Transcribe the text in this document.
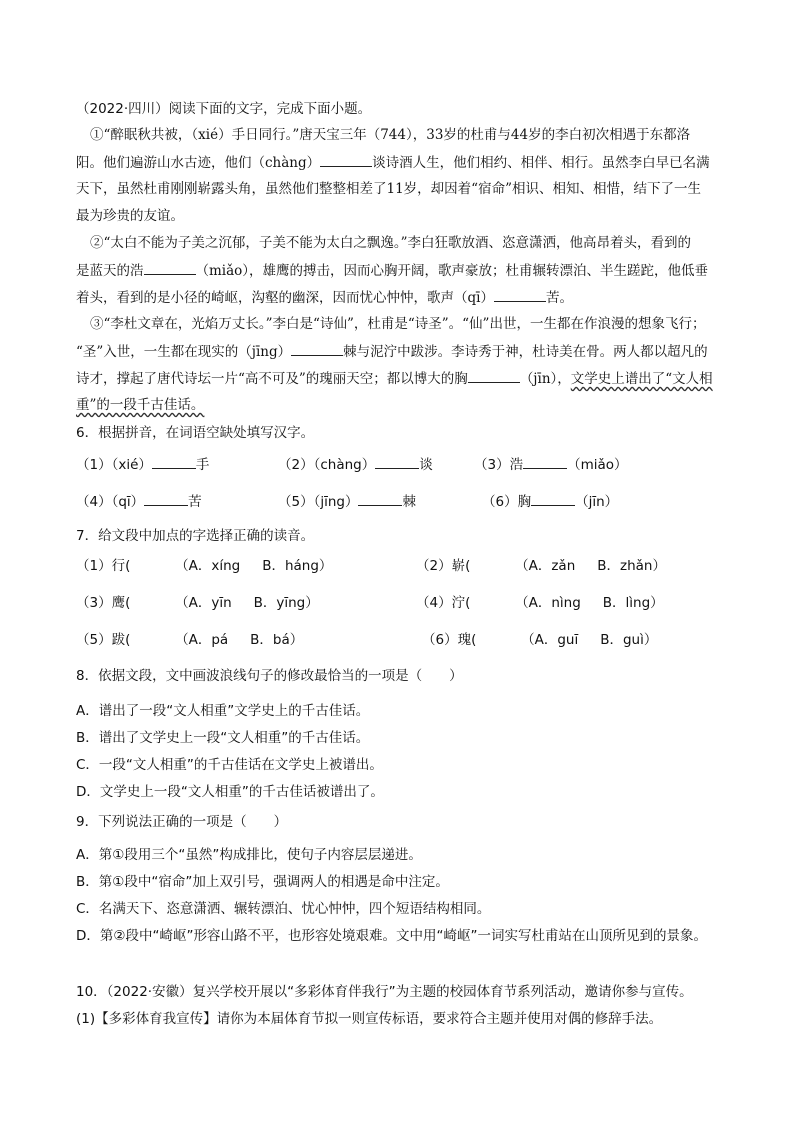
（2022·四川）阅读下面的文字，完成下面小题。
①“醉眠秋共被，（xié）手日同行。”唐天宝三年（744），33岁的杜甫与44岁的李白初次相遇于东都洛
阳。他们遍游山水古迹，他们（chàng）	谈诗酒人生，他们相约、相伴、相行。虽然李白早已名满
天下，虽然杜甫刚刚崭露头角，虽然他们整整相差了11岁，却因着“宿命”相识、相知、相惜，结下了一生
最为珍贵的友谊。
②“太白不能为子美之沉郁，子美不能为太白之飘逸。”李白狂歌放酒、恣意潇洒，他高昂着头，看到的
是蓝天的浩	（miǎo），雄鹰的搏击，因而心胸开阔，歌声豪放；杜甫辗转漂泊、半生蹉跎，他低垂
着头，看到的是小径的崎岖，沟壑的幽深，因而忧心忡忡，歌声（qī）	苦。
③“李杜文章在，光焰万丈长。”李白是“诗仙”，杜甫是“诗圣”。“仙”出世，一生都在作浪漫的想象飞行；
“圣”入世，一生都在现实的（jīng）	棘与泥泞中跋涉。李诗秀于神，杜诗美在骨。两人都以超凡的
诗才，撑起了唐代诗坛一片“高不可及”的瑰丽天空；都以博大的胸	（jīn），文学史上谱出了“文人相
重”的一段千古佳话。
6．根据拼音，在词语空缺处填写汉字。
（1）（xié）	手	（2）（chàng）	谈	（3）浩	（miǎo）
（4）（qī）	苦	（5）（jīng）	棘	（6）胸	（jīn）
7．给文段中加点的字选择正确的读音。
（1）行(	（A．xíng B．háng）	（2）崭(	（A．zǎn B．zhǎn）
（3）鹰(	（A．yīn B．yīng）	（4）泞(	（A．nìng B．lìng）
（5）跋(	（A．pá B．bá）	（6）瑰(	（A．guī B．guì）
8．依据文段，文中画波浪线句子的修改最恰当的一项是（　　）
A．谱出了一段“文人相重”文学史上的千古佳话。
B．谱出了文学史上一段“文人相重”的千古佳话。
C．一段“文人相重”的千古佳话在文学史上被谱出。
D．文学史上一段“文人相重”的千古佳话被谱出了。
9．下列说法正确的一项是（　　）
A．第①段用三个“虽然”构成排比，使句子内容层层递进。
B．第①段中“宿命”加上双引号，强调两人的相遇是命中注定。
C．名满天下、恣意潇洒、辗转漂泊、忧心忡忡，四个短语结构相同。
D．第②段中“崎岖”形容山路不平，也形容处境艰难。文中用“崎岖”一词实写杜甫站在山顶所见到的景象。
10．（2022·安徽）复兴学校开展以“多彩体育伴我行”为主题的校园体育节系列活动，邀请你参与宣传。
(1)【多彩体育我宣传】请你为本届体育节拟一则宣传标语，要求符合主题并使用对偶的修辞手法。
